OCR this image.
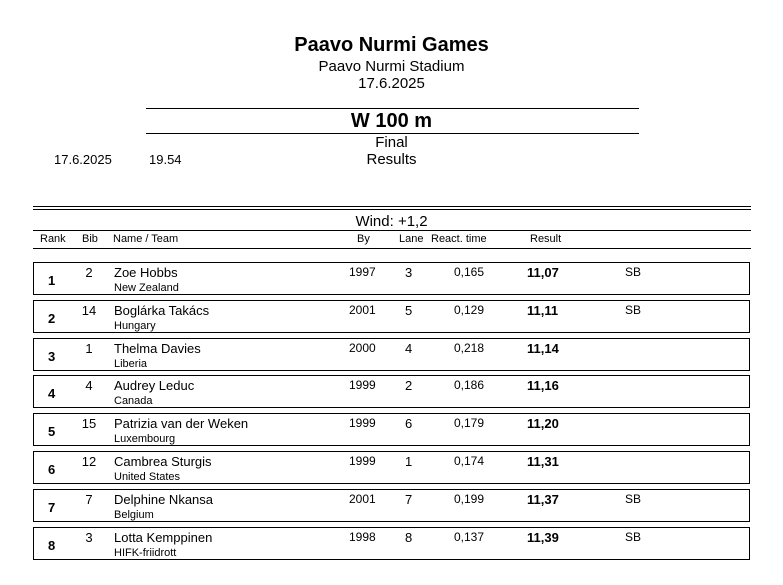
Paavo Nurmi Games
Paavo Nurmi Stadium
17.6.2025
W 100 m
Final
Results
17.6.2025	19.54
Wind: +1,2
Rank Bib Name / Team	By	Lane React. time	Result
1
2	Zoe Hobbs
New Zealand
1997 3	0,165	11,07	SB
2
14 Boglárka Takács
Hungary
2001 5	0,129	11,11	SB
3
1	Thelma Davies
Liberia
2000 4	0,218	11,14
4
4	Audrey Leduc
Canada
1999 2	0,186	11,16
5
15 Patrizia van der Weken
Luxembourg
1999 6	0,179	11,20
6
12 Cambrea Sturgis
United States
1999 1	0,174	11,31
7
7	Delphine Nkansa
Belgium
2001 7	0,199	11,37	SB
8
3	Lotta Kemppinen
HIFK-friidrott
1998 8	0,137	11,39	SB
